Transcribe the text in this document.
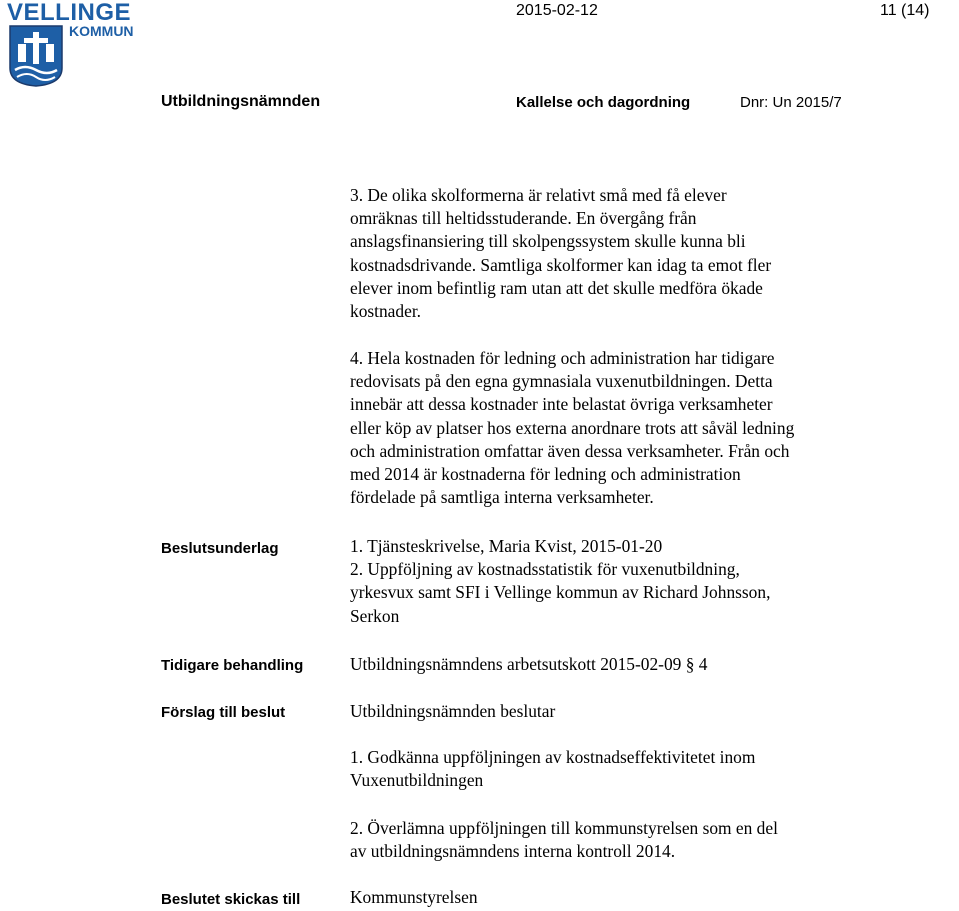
VELLINGE
KOMMUN
2015-02-12	11 (14)
Utbildningsnämnden	Kallelse och dagordning	Dnr: Un 2015/7

3. De olika skolformerna är relativt små med få elever
omräknas till heltidsstuderande. En övergång från
anslagsfinansiering till skolpengssystem skulle kunna bli
kostnadsdrivande. Samtliga skolformer kan idag ta emot fler
elever inom befintlig ram utan att det skulle medföra ökade
kostnader.

4. Hela kostnaden för ledning och administration har tidigare
redovisats på den egna gymnasiala vuxenutbildningen. Detta
innebär att dessa kostnader inte belastat övriga verksamheter
eller köp av platser hos externa anordnare trots att såväl ledning
och administration omfattar även dessa verksamheter. Från och
med 2014 är kostnaderna för ledning och administration
fördelade på samtliga interna verksamheter.

Beslutsunderlag	1. Tjänsteskrivelse, Maria Kvist, 2015-01-20
2. Uppföljning av kostnadsstatistik för vuxenutbildning,
yrkesvux samt SFI i Vellinge kommun av Richard Johnsson,
Serkon
Tidigare behandling	Utbildningsnämndens arbetsutskott 2015-02-09 § 4
Förslag till beslut	Utbildningsnämnden beslutar
1. Godkänna uppföljningen av kostnadseffektivitetet inom
Vuxenutbildningen
2. Överlämna uppföljningen till kommunstyrelsen som en del
av utbildningsnämndens interna kontroll 2014.
Beslutet skickas till	Kommunstyrelsen
